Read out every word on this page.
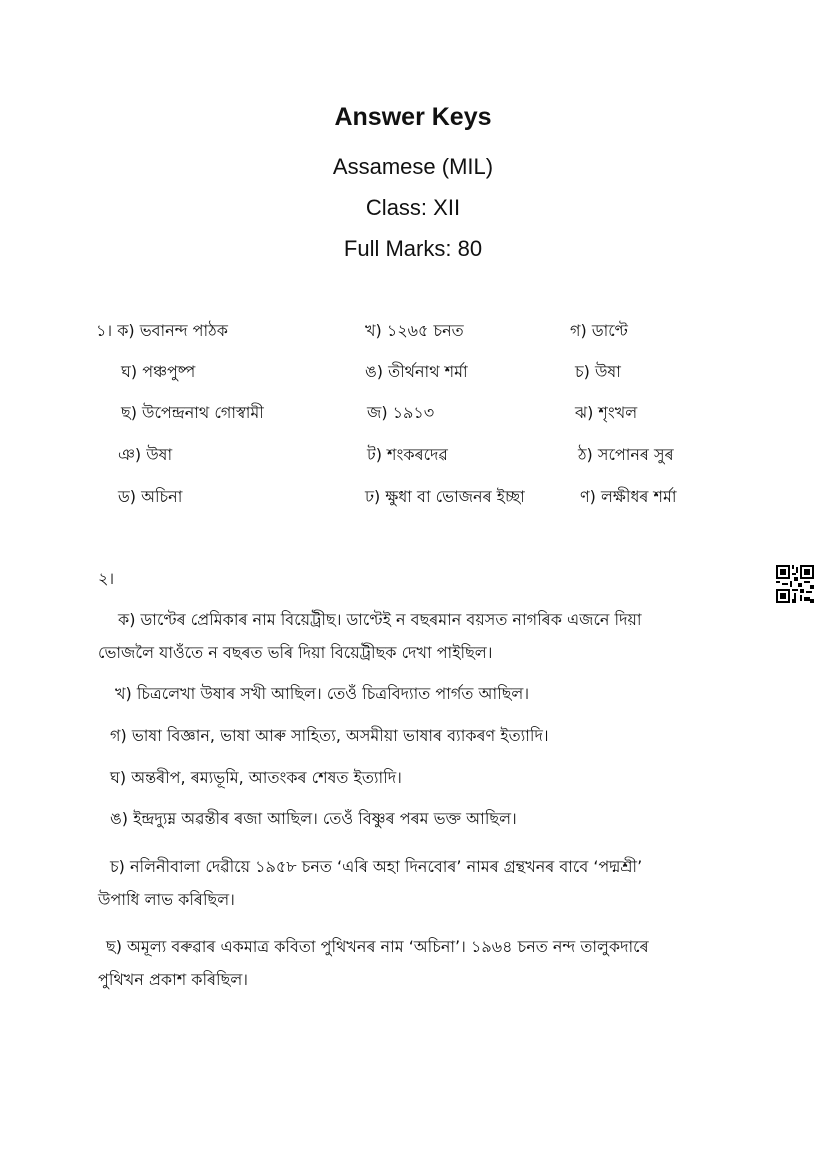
Answer Keys
Assamese (MIL)
Class: XII
Full Marks: 80
১। ক) ভবানন্দ পাঠক	খ) ১২৬৫ চনত	গ) ডাণ্টে
ঘ) পঞ্চপুষ্প	ঙ) তীৰ্থনাথ শৰ্মা	চ) উষা
ছ) উপেন্দ্ৰনাথ গোস্বামী	জ) ১৯১৩	ঝ) শৃংখল
ঞ) উষা	ট) শংকৰদেৱ	ঠ) সপোনৰ সুৰ
ড) অচিনা	ঢ) ক্ষুধা বা ভোজনৰ ইচ্ছা	ণ) লক্ষীধৰ শৰ্মা
২।
ক) ডাণ্টেৰ প্ৰেমিকাৰ নাম বিয়েট্ৰীছ। ডাণ্টেই ন বছৰমান বয়সত নাগৰিক এজনে দিয়া
ভোজলৈ যাওঁতে ন বছৰত ভৰি দিয়া বিয়েট্ৰীছক দেখা পাইছিল।
খ) চিত্ৰলেখা উষাৰ সখী আছিল। তেওঁ চিত্ৰবিদ্যাত পাৰ্গত আছিল।
গ) ভাষা বিজ্ঞান, ভাষা আৰু সাহিত্য, অসমীয়া ভাষাৰ ব্যাকৰণ ইত্যাদি।
ঘ) অন্তৰীপ, ৰম্যভূমি, আতংকৰ শেষত ইত্যাদি।
ঙ) ইন্দ্ৰদ্যুম্ন অৱন্তীৰ ৰজা আছিল। তেওঁ বিষ্ণুৰ পৰম ভক্ত আছিল।
চ) নলিনীবালা দেৱীয়ে ১৯৫৮ চনত ‘এৰি অহা দিনবোৰ’ নামৰ গ্ৰন্থখনৰ বাবে ‘পদ্মশ্ৰী’
উপাধি লাভ কৰিছিল।
ছ) অমূল্য বৰুৱাৰ একমাত্ৰ কবিতা পুথিখনৰ নাম ‘অচিনা’। ১৯৬৪ চনত নন্দ তালুকদাৰে
পুথিখন প্ৰকাশ কৰিছিল।
